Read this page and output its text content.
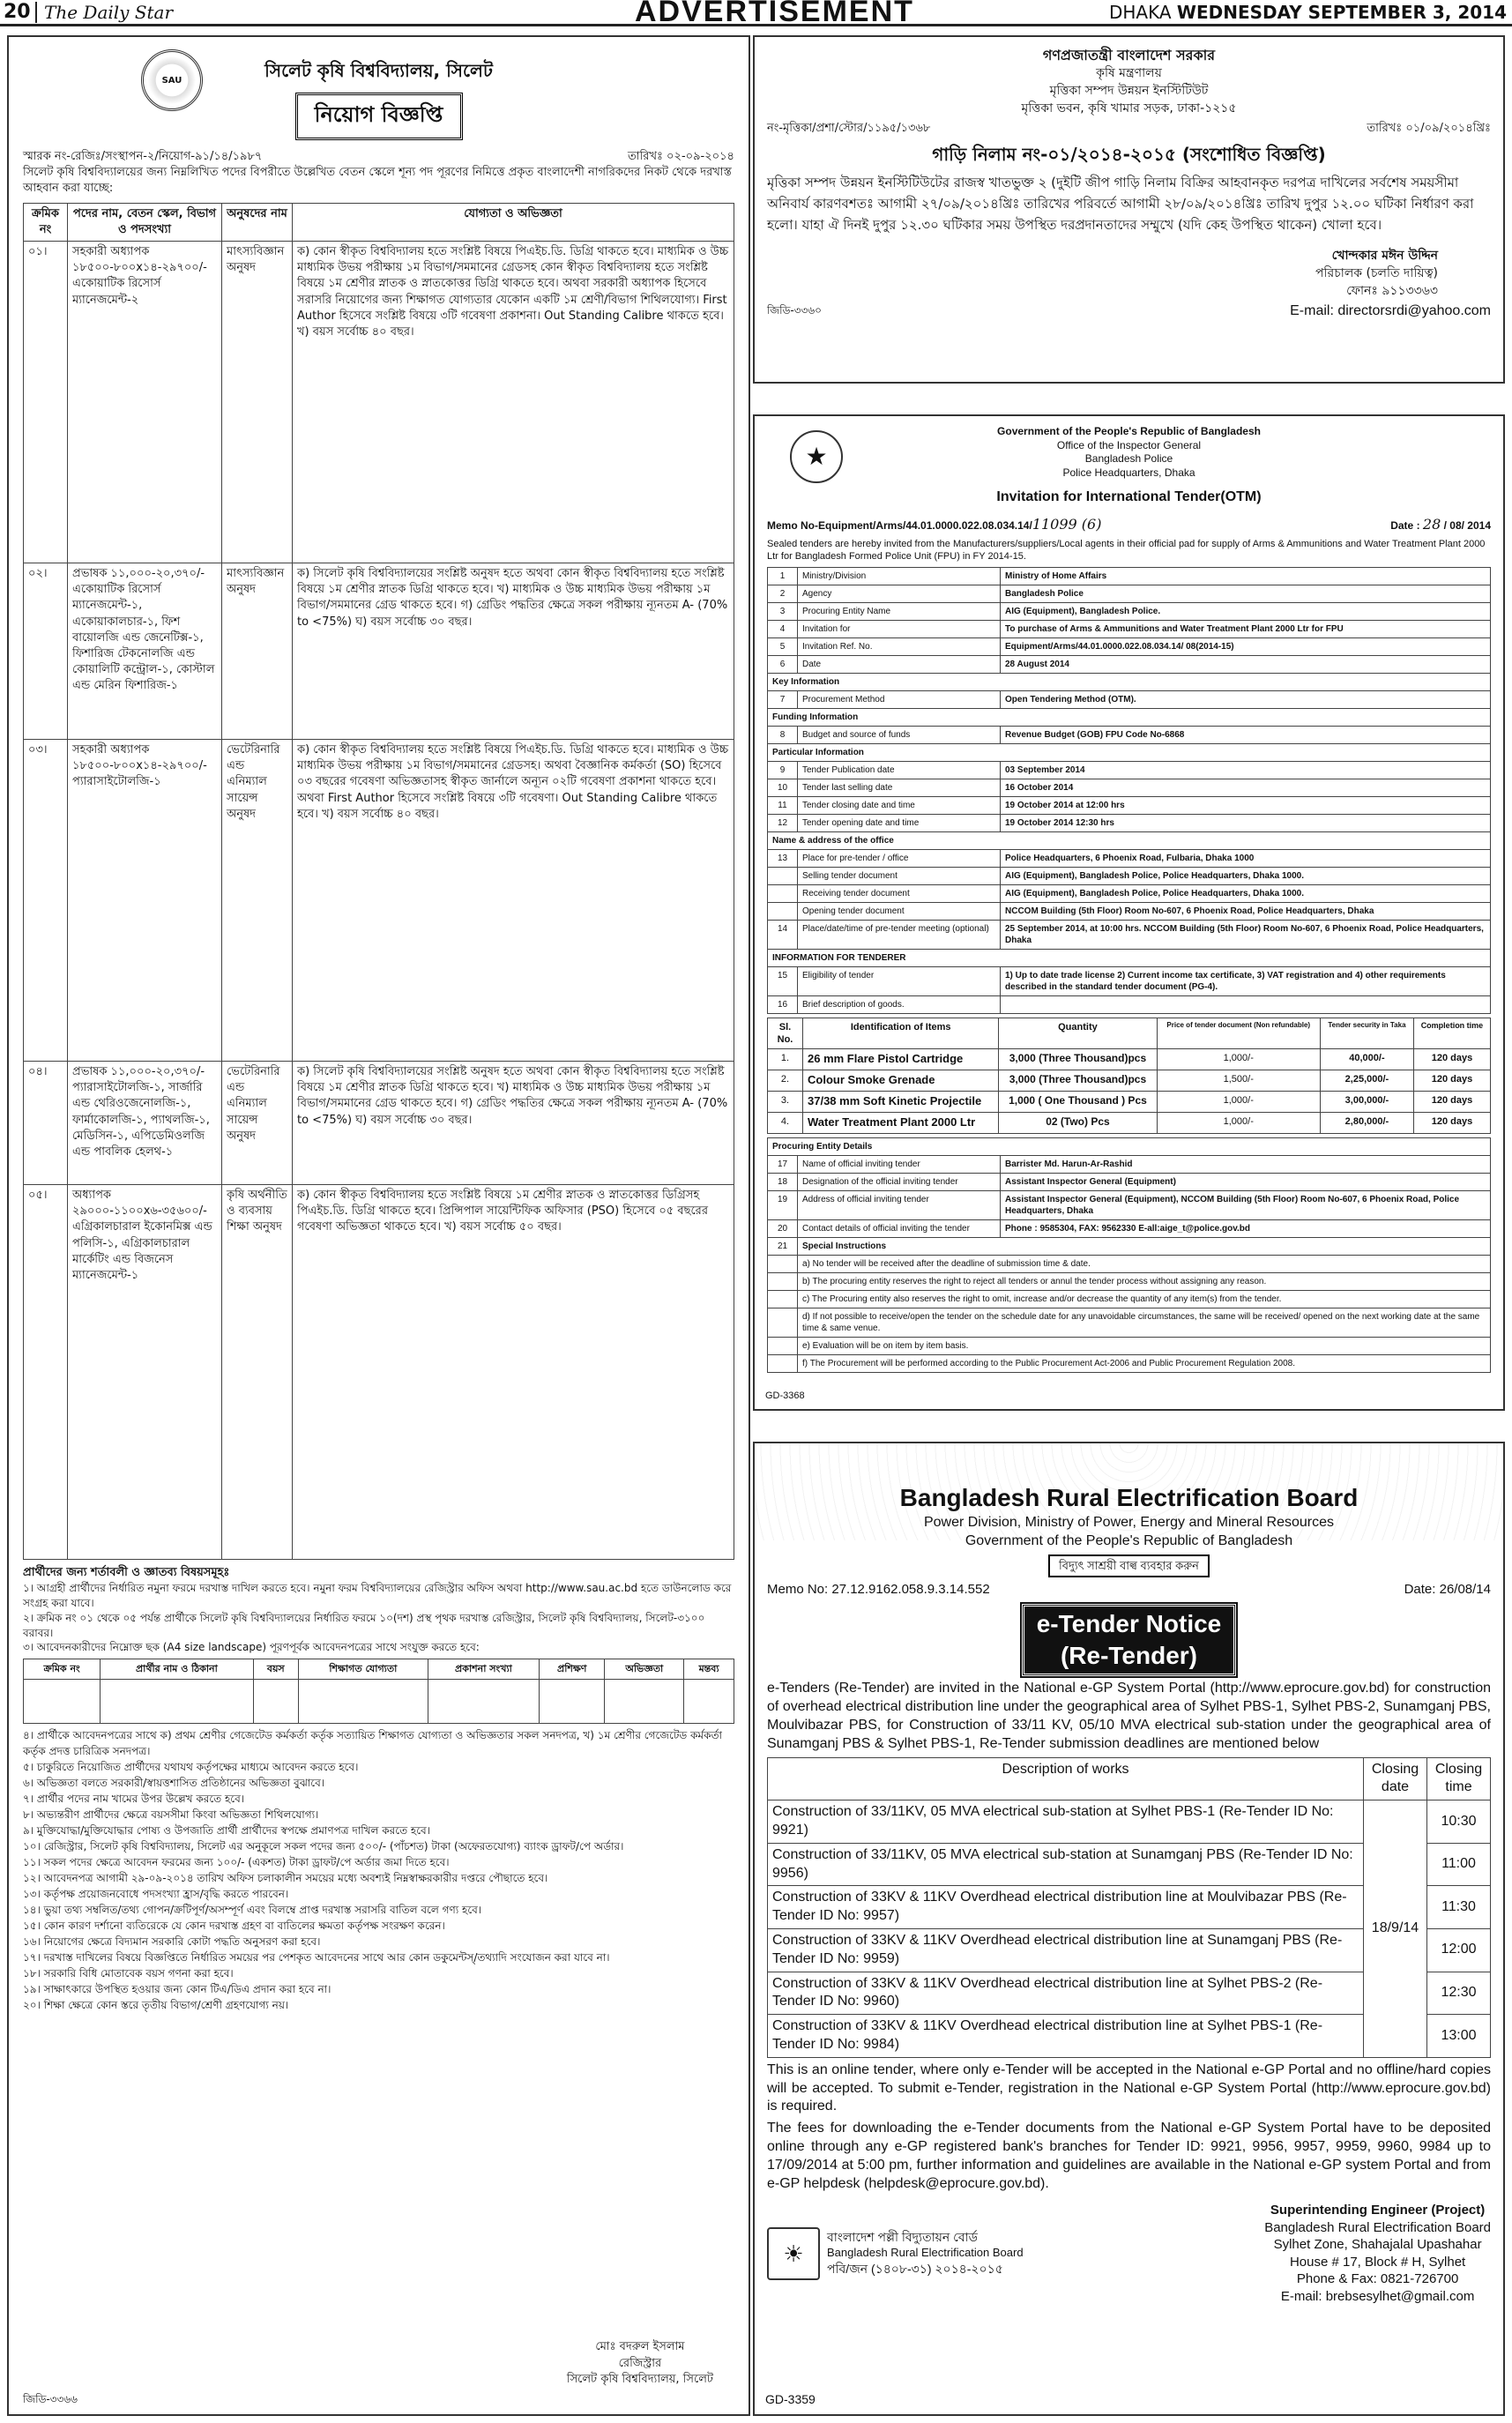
20 The Daily Star	ADVERTISEMENT	DHAKA WEDNESDAY SEPTEMBER 3, 2014
SAU	সিলেট কৃষি বিশ্ববিদ্যালয়, সিলেট
নিয়োগ বিজ্ঞপ্তি
স্মারক নং-রেজিঃ/সংস্থাপন-২/নিয়োগ-৯১/১৪/১৯৮৭	তারিখঃ ০২-০৯-২০১৪
সিলেট কৃষি বিশ্ববিদ্যালয়ের জন্য নিম্নলিখিত পদের বিপরীতে উল্লেখিত বেতন স্কেলে শূন্য পদ পূরণের নিমিত্তে প্রকৃত বাংলাদেশী নাগরিকদের নিকট থেকে দরখাস্ত আহবান করা যাচ্ছে:
ক্রমিক নং	পদের নাম, বেতন স্কেল, বিভাগ ও পদসংখ্যা	অনুষদের নাম	যোগ্যতা ও অভিজ্ঞতা
০১।	সহকারী অধ্যাপক ১৮৫০০-৮০০x১৪-২৯৭০০/- একোয়াটিক রিসোর্স ম্যানেজমেন্ট-২	মাৎস্যবিজ্ঞান অনুষদ	ক) কোন স্বীকৃত বিশ্ববিদ্যালয় হতে সংশ্লিষ্ট বিষয়ে পিএইচ.ডি. ডিগ্রি থাকতে হবে। মাধ্যমিক ও উচ্চ মাধ্যমিক উভয় পরীক্ষায় ১ম বিভাগ/সমমানের গ্রেডসহ কোন স্বীকৃত বিশ্ববিদ্যালয় হতে সংশ্লিষ্ট বিষয়ে ১ম শ্রেণীর স্নাতক ও স্নাতকোত্তর ডিগ্রি থাকতে হবে। অথবা সরকারী অধ্যাপক হিসেবে সরাসরি নিয়োগের জন্য শিক্ষাগত যোগ্যতার যেকোন একটি ১ম শ্রেণী/বিভাগ শিথিলযোগ্য। First Author হিসেবে সংশ্লিষ্ট বিষয়ে ৩টি গবেষণা প্রকাশনা। Out Standing Calibre থাকতে হবে। খ) বয়স সর্বোচ্চ ৪০ বছর।
০২।	প্রভাষক ১১,০০০-২০,৩৭০/- একোয়াটিক রিসোর্স ম্যানেজমেন্ট-১, একোয়াকালচার-১, ফিশ বায়োলজি এন্ড জেনেটিক্স-১, ফিশারিজ টেকনোলজি এন্ড কোয়ালিটি কন্ট্রোল-১, কোস্টাল এন্ড মেরিন ফিশারিজ-১	মাৎস্যবিজ্ঞান অনুষদ	ক) সিলেট কৃষি বিশ্ববিদ্যালয়ের সংশ্লিষ্ট অনুষদ হতে অথবা কোন স্বীকৃত বিশ্ববিদ্যালয় হতে সংশ্লিষ্ট বিষয়ে ১ম শ্রেণীর স্নাতক ডিগ্রি থাকতে হবে। খ) মাধ্যমিক ও উচ্চ মাধ্যমিক উভয় পরীক্ষায় ১ম বিভাগ/সমমানের গ্রেড থাকতে হবে। গ) গ্রেডিং পদ্ধতির ক্ষেত্রে সকল পরীক্ষায় ন্যূনতম A- (70% to <75%) ঘ) বয়স সর্বোচ্চ ৩০ বছর।
০৩।	সহকারী অধ্যাপক ১৮৫০০-৮০০x১৪-২৯৭০০/- প্যারাসাইটোলজি-১	ভেটেরিনারি এন্ড এনিম্যাল সায়েন্স অনুষদ	ক) কোন স্বীকৃত বিশ্ববিদ্যালয় হতে সংশ্লিষ্ট বিষয়ে পিএইচ.ডি. ডিগ্রি থাকতে হবে। মাধ্যমিক ও উচ্চ মাধ্যমিক উভয় পরীক্ষায় ১ম বিভাগ/সমমানের গ্রেডসহ। অথবা বৈজ্ঞানিক কর্মকর্তা (SO) হিসেবে ০৩ বছরের গবেষণা অভিজ্ঞতাসহ স্বীকৃত জার্নালে অন্যূন ০২টি গবেষণা প্রকাশনা থাকতে হবে। অথবা First Author হিসেবে সংশ্লিষ্ট বিষয়ে ৩টি গবেষণা। Out Standing Calibre থাকতে হবে। খ) বয়স সর্বোচ্চ ৪০ বছর।
০৪।	প্রভাষক ১১,০০০-২০,৩৭০/- প্যারাসাইটোলজি-১, সার্জারি এন্ড থেরিওজেনোলজি-১, ফার্মাকোলজি-১, প্যাথলজি-১, মেডিসিন-১, এপিডেমিওলজি এন্ড পাবলিক হেলথ-১	ভেটেরিনারি এন্ড এনিম্যাল সায়েন্স অনুষদ	ক) সিলেট কৃষি বিশ্ববিদ্যালয়ের সংশ্লিষ্ট অনুষদ হতে অথবা কোন স্বীকৃত বিশ্ববিদ্যালয় হতে সংশ্লিষ্ট বিষয়ে ১ম শ্রেণীর স্নাতক ডিগ্রি থাকতে হবে। খ) মাধ্যমিক ও উচ্চ মাধ্যমিক উভয় পরীক্ষায় ১ম বিভাগ/সমমানের গ্রেড থাকতে হবে। গ) গ্রেডিং পদ্ধতির ক্ষেত্রে সকল পরীক্ষায় ন্যূনতম A- (70% to <75%) ঘ) বয়স সর্বোচ্চ ৩০ বছর।
০৫।	অধ্যাপক ২৯০০০-১১০০x৬-৩৫৬০০/- এগ্রিকালচারাল ইকোনমিক্স এন্ড পলিসি-১, এগ্রিকালচারাল মার্কেটিং এন্ড বিজনেস ম্যানেজমেন্ট-১	কৃষি অর্থনীতি ও ব্যবসায় শিক্ষা অনুষদ	ক) কোন স্বীকৃত বিশ্ববিদ্যালয় হতে সংশ্লিষ্ট বিষয়ে ১ম শ্রেণীর স্নাতক ও স্নাতকোত্তর ডিগ্রিসহ পিএইচ.ডি. ডিগ্রি থাকতে হবে। প্রিন্সিপাল সায়েন্টিফিক অফিসার (PSO) হিসেবে ০৫ বছরের গবেষণা অভিজ্ঞতা থাকতে হবে। খ) বয়স সর্বোচ্চ ৫০ বছর।
প্রার্থীদের জন্য শর্তাবলী ও জ্ঞাতব্য বিষয়সমূহঃ
১। আগ্রহী প্রার্থীদের নির্ধারিত নমুনা ফরমে দরখাস্ত দাখিল করতে হবে। নমুনা ফরম বিশ্ববিদ্যালয়ের রেজিস্ট্রার অফিস অথবা http://www.sau.ac.bd হতে ডাউনলোড করে সংগ্রহ করা যাবে।
২। ক্রমিক নং ০১ থেকে ০৫ পর্যন্ত প্রার্থীকে সিলেট কৃষি বিশ্ববিদ্যালয়ের নির্ধারিত ফরমে ১০(দশ) প্রস্থ পৃথক দরখাস্ত রেজিস্ট্রার, সিলেট কৃষি বিশ্ববিদ্যালয়, সিলেট-৩১০০ বরাবর।
৩। আবেদনকারীদের নিম্নোক্ত ছক (A4 size landscape) পূরণপূর্বক আবেদনপত্রের সাথে সংযুক্ত করতে হবে:
ক্রমিক নং	প্রার্থীর নাম ও ঠিকানা	বয়স	শিক্ষাগত যোগ্যতা	প্রকাশনা সংখ্যা	প্রশিক্ষণ	অভিজ্ঞতা	মন্তব্য

৪। প্রার্থীকে আবেদনপত্রের সাথে ক) প্রথম শ্রেণীর গেজেটেড কর্মকর্তা কর্তৃক সত্যায়িত শিক্ষাগত যোগ্যতা ও অভিজ্ঞতার সকল সনদপত্র, খ) ১ম শ্রেণীর গেজেটেড কর্মকর্তা কর্তৃক প্রদত্ত চারিত্রিক সনদপত্র।
৫। চাকুরিতে নিয়োজিত প্রার্থীদের যথাযথ কর্তৃপক্ষের মাধ্যমে আবেদন করতে হবে।
৬। অভিজ্ঞতা বলতে সরকারী/স্বায়ত্তশাসিত প্রতিষ্ঠানের অভিজ্ঞতা বুঝাবে।
৭। প্রার্থীর পদের নাম খামের উপর উল্লেখ করতে হবে।
৮। অভ্যন্তরীণ প্রার্থীদের ক্ষেত্রে বয়সসীমা কিংবা অভিজ্ঞতা শিথিলযোগ্য।
৯। মুক্তিযোদ্ধা/মুক্তিযোদ্ধার পোষ্য ও উপজাতি প্রার্থী প্রার্থীদের স্বপক্ষে প্রমাণপত্র দাখিল করতে হবে।
১০। রেজিস্ট্রার, সিলেট কৃষি বিশ্ববিদ্যালয়, সিলেট এর অনুকূলে সকল পদের জন্য ৫০০/- (পাঁচশত) টাকা (অফেরতযোগ্য) ব্যাংক ড্রাফট/পে অর্ডার।
১১। সকল পদের ক্ষেত্রে আবেদন ফরমের জন্য ১০০/- (একশত) টাকা ড্রাফট/পে অর্ডার জমা দিতে হবে।
১২। আবেদনপত্র আগামী ২৯-০৯-২০১৪ তারিখ অফিস চলাকালীন সময়ের মধ্যে অবশ্যই নিম্নস্বাক্ষরকারীর দপ্তরে পৌছাতে হবে।
১৩। কর্তৃপক্ষ প্রয়োজনবোধে পদসংখ্যা হ্রাস/বৃদ্ধি করতে পারবেন।
১৪। ভুয়া তথ্য সম্বলিত/তথ্য গোপন/ক্রটিপূর্ণ/অসম্পূর্ণ এবং বিলম্বে প্রাপ্ত দরখাস্ত সরাসরি বাতিল বলে গণ্য হবে।
১৫। কোন কারণ দর্শানো ব্যতিরেকে যে কোন দরখাস্ত গ্রহণ বা বাতিলের ক্ষমতা কর্তৃপক্ষ সংরক্ষণ করেন।
১৬। নিয়োগের ক্ষেত্রে বিদ্যমান সরকারি কোটা পদ্ধতি অনুসরণ করা হবে।
১৭। দরখাস্ত দাখিলের বিষয়ে বিজ্ঞপ্তিতে নির্ধারিত সময়ের পর পেশকৃত আবেদনের সাথে আর কোন ডকুমেন্টস্/তথ্যাদি সংযোজন করা যাবে না।
১৮। সরকারি বিধি মোতাবেক বয়স গণনা করা হবে।
১৯। সাক্ষাৎকারে উপস্থিত হওয়ার জন্য কোন টিএ/ডিএ প্রদান করা হবে না।
২০। শিক্ষা ক্ষেত্রে কোন স্তরে তৃতীয় বিভাগ/শ্রেণী গ্রহণযোগ্য নয়।
মোঃ বদরুল ইসলাম
রেজিস্ট্রার
সিলেট কৃষি বিশ্ববিদ্যালয়, সিলেট
জিডি-৩৩৬৬
গণপ্রজাতন্ত্রী বাংলাদেশ সরকার
কৃষি মন্ত্রণালয়
মৃত্তিকা সম্পদ উন্নয়ন ইনস্টিটিউট
মৃত্তিকা ভবন, কৃষি খামার সড়ক, ঢাকা-১২১৫
নং-মৃত্তিকা/প্রশা/স্টোর/১১৯৫/১৩৬৮	তারিখঃ ০১/০৯/২০১৪খ্রিঃ
গাড়ি নিলাম নং-০১/২০১৪-২০১৫ (সংশোধিত বিজ্ঞপ্তি)
মৃত্তিকা সম্পদ উন্নয়ন ইনস্টিটিউটের রাজস্ব খাতভুক্ত ২ (দুইটি জীপ গাড়ি নিলাম বিক্রির আহবানকৃত দরপত্র দাখিলের সর্বশেষ সময়সীমা অনিবার্য কারণবশতঃ আগামী ২৭/০৯/২০১৪খ্রিঃ তারিখের পরিবর্তে আগামী ২৮/০৯/২০১৪খ্রিঃ তারিখ দুপুর ১২.০০ ঘটিকা নির্ধারণ করা হলো। যাহা ঐ দিনই দুপুর ১২.৩০ ঘটিকার সময় উপস্থিত দরপ্রদানতাদের সম্মুখে (যদি কেহ উপস্থিত থাকেন) খোলা হবে।
খোন্দকার মঈন উদ্দিন
পরিচালক (চলতি দায়িত্ব)
ফোনঃ ৯১১৩৩৬৩
জিডি-৩৩৬০	E-mail: directorsrdi@yahoo.com
★
Government of the People's Republic of Bangladesh
Office of the Inspector General
Bangladesh Police
Police Headquarters, Dhaka
Invitation for International Tender(OTM)
Memo No-Equipment/Arms/44.01.0000.022.08.034.14/11099 (6)	Date : 28 / 08/ 2014
Sealed tenders are hereby invited from the Manufacturers/suppliers/Local agents in their official pad for supply of Arms & Ammunitions and Water Treatment Plant 2000 Ltr for Bangladesh Formed Police Unit (FPU) in FY 2014-15.
1	Ministry/Division	Ministry of Home Affairs
2	Agency	Bangladesh Police
3	Procuring Entity Name	AIG (Equipment), Bangladesh Police.
4	Invitation for	To purchase of Arms & Ammunitions and Water Treatment Plant 2000 Ltr for FPU
5	Invitation Ref. No.	Equipment/Arms/44.01.0000.022.08.034.14/ 08(2014-15)
6	Date	28 August 2014
Key Information		
7	Procurement Method	Open Tendering Method (OTM).
Funding Information		
8	Budget and source of funds	Revenue Budget (GOB) FPU Code No-6868
Particular Information		
9	Tender Publication date	03 September 2014
10	Tender last selling date	16 October 2014
11	Tender closing date and time	19 October 2014 at 12:00 hrs
12	Tender opening date and time	19 October 2014 12:30 hrs
Name & address of the office		
13	Place for pre-tender / office	Police Headquarters, 6 Phoenix Road, Fulbaria, Dhaka 1000
	Selling tender document	AIG (Equipment), Bangladesh Police, Police Headquarters, Dhaka 1000.
	Receiving tender document	AIG (Equipment), Bangladesh Police, Police Headquarters, Dhaka 1000.
	Opening tender document	NCCOM Building (5th Floor) Room No-607, 6 Phoenix Road, Police Headquarters, Dhaka
14	Place/date/time of pre-tender meeting (optional)	25 September 2014, at 10:00 hrs. NCCOM Building (5th Floor) Room No-607, 6 Phoenix Road, Police Headquarters, Dhaka
INFORMATION FOR TENDERER		
15	Eligibility of tender	1) Up to date trade license 2) Current income tax certificate, 3) VAT registration and 4) other requirements described in the standard tender document (PG-4).
16	Brief description of goods.	
Sl. No.	Identification of Items	Quantity	Price of tender document (Non refundable)	Tender security in Taka	Completion time
1.	26 mm Flare Pistol Cartridge	3,000 (Three Thousand)pcs	1,000/-	40,000/-	120 days
2.	Colour Smoke Grenade	3,000 (Three Thousand)pcs	1,500/-	2,25,000/-	120 days
3.	37/38 mm Soft Kinetic Projectile	1,000 ( One Thousand ) Pcs	1,000/-	3,00,000/-	120 days
4.	Water Treatment Plant 2000 Ltr	02 (Two) Pcs	1,000/-	2,80,000/-	120 days
Procuring Entity Details		
17	Name of official inviting tender	Barrister Md. Harun-Ar-Rashid
18	Designation of the official inviting tender	Assistant Inspector General (Equipment)
19	Address of official inviting tender	Assistant Inspector General (Equipment), NCCOM Building (5th Floor) Room No-607, 6 Phoenix Road, Police Headquarters, Dhaka
20	Contact details of official inviting the tender	Phone : 9585304, FAX: 9562330 E-all:aige_t@police.gov.bd
21	Special Instructions	
	a) No tender will be received after the deadline of submission time & date.	
	b) The procuring entity reserves the right to reject all tenders or annul the tender process without assigning any reason.	
	c) The Procuring entity also reserves the right to omit, increase and/or decrease the quantity of any item(s) from the tender.	
	d) If not possible to receive/open the tender on the schedule date for any unavoidable circumstances, the same will be received/ opened on the next working date at the same time & same venue.	
	e) Evaluation will be on item by item basis.	
	f) The Procurement will be performed according to the Public Procurement Act-2006 and Public Procurement Regulation 2008.	
GD-3368
Bangladesh Rural Electrification Board
Power Division, Ministry of Power, Energy and Mineral Resources
Government of the People's Republic of Bangladesh
বিদ্যুৎ সাশ্রয়ী বাল্ব ব্যবহার করুন
Memo No: 27.12.9162.058.9.3.14.552	Date: 26/08/14
e-Tender Notice
(Re-Tender)
e-Tenders (Re-Tender) are invited in the National e-GP System Portal (http://www.eprocure.gov.bd) for construction of overhead electrical distribution line under the geographical area of Sylhet PBS-1, Sylhet PBS-2, Sunamganj PBS, Moulvibazar PBS, for Construction of 33/11 KV, 05/10 MVA electrical sub-station under the geographical area of Sunamganj PBS & Sylhet PBS-1, Re-Tender submission deadlines are mentioned below
Description of works	Closing date	Closing time
Construction of 33/11KV, 05 MVA electrical sub-station at Sylhet PBS-1 (Re-Tender ID No: 9921)	18/9/14	10:30
Construction of 33/11KV, 05 MVA electrical sub-station at Sunamganj PBS (Re-Tender ID No: 9956)		11:00
Construction of 33KV & 11KV Overdhead electrical distribution line at Moulvibazar PBS (Re-Tender ID No: 9957)		11:30
Construction of 33KV & 11KV Overdhead electrical distribution line at Sunamganj PBS (Re-Tender ID No: 9959)		12:00
Construction of 33KV & 11KV Overdhead electrical distribution line at Sylhet PBS-2 (Re-Tender ID No: 9960)		12:30
Construction of 33KV & 11KV Overdhead electrical distribution line at Sylhet PBS-1 (Re-Tender ID No: 9984)		13:00
This is an online tender, where only e-Tender will be accepted in the National e-GP Portal and no offline/hard copies will be accepted. To submit e-Tender, registration in the National e-GP System Portal (http://www.eprocure.gov.bd) is required.
The fees for downloading the e-Tender documents from the National e-GP System Portal have to be deposited online through any e-GP registered bank's branches for Tender ID: 9921, 9956, 9957, 9959, 9960, 9984 up to 17/09/2014 at 5:00 pm, further information and guidelines are available in the National e-GP system Portal and from e-GP helpdesk (helpdesk@eprocure.gov.bd).
☀
বাংলাদেশ পল্লী বিদ্যুতায়ন বোর্ড
Bangladesh Rural Electrification Board
পবি/জন (১৪০৮-৩১) ২০১৪-২০১৫
Superintending Engineer (Project)
Bangladesh Rural Electrification Board
Sylhet Zone, Shahajalal Upashahar
House # 17, Block # H, Sylhet
Phone & Fax: 0821-726700
E-mail: brebsesylhet@gmail.com
GD-3359
